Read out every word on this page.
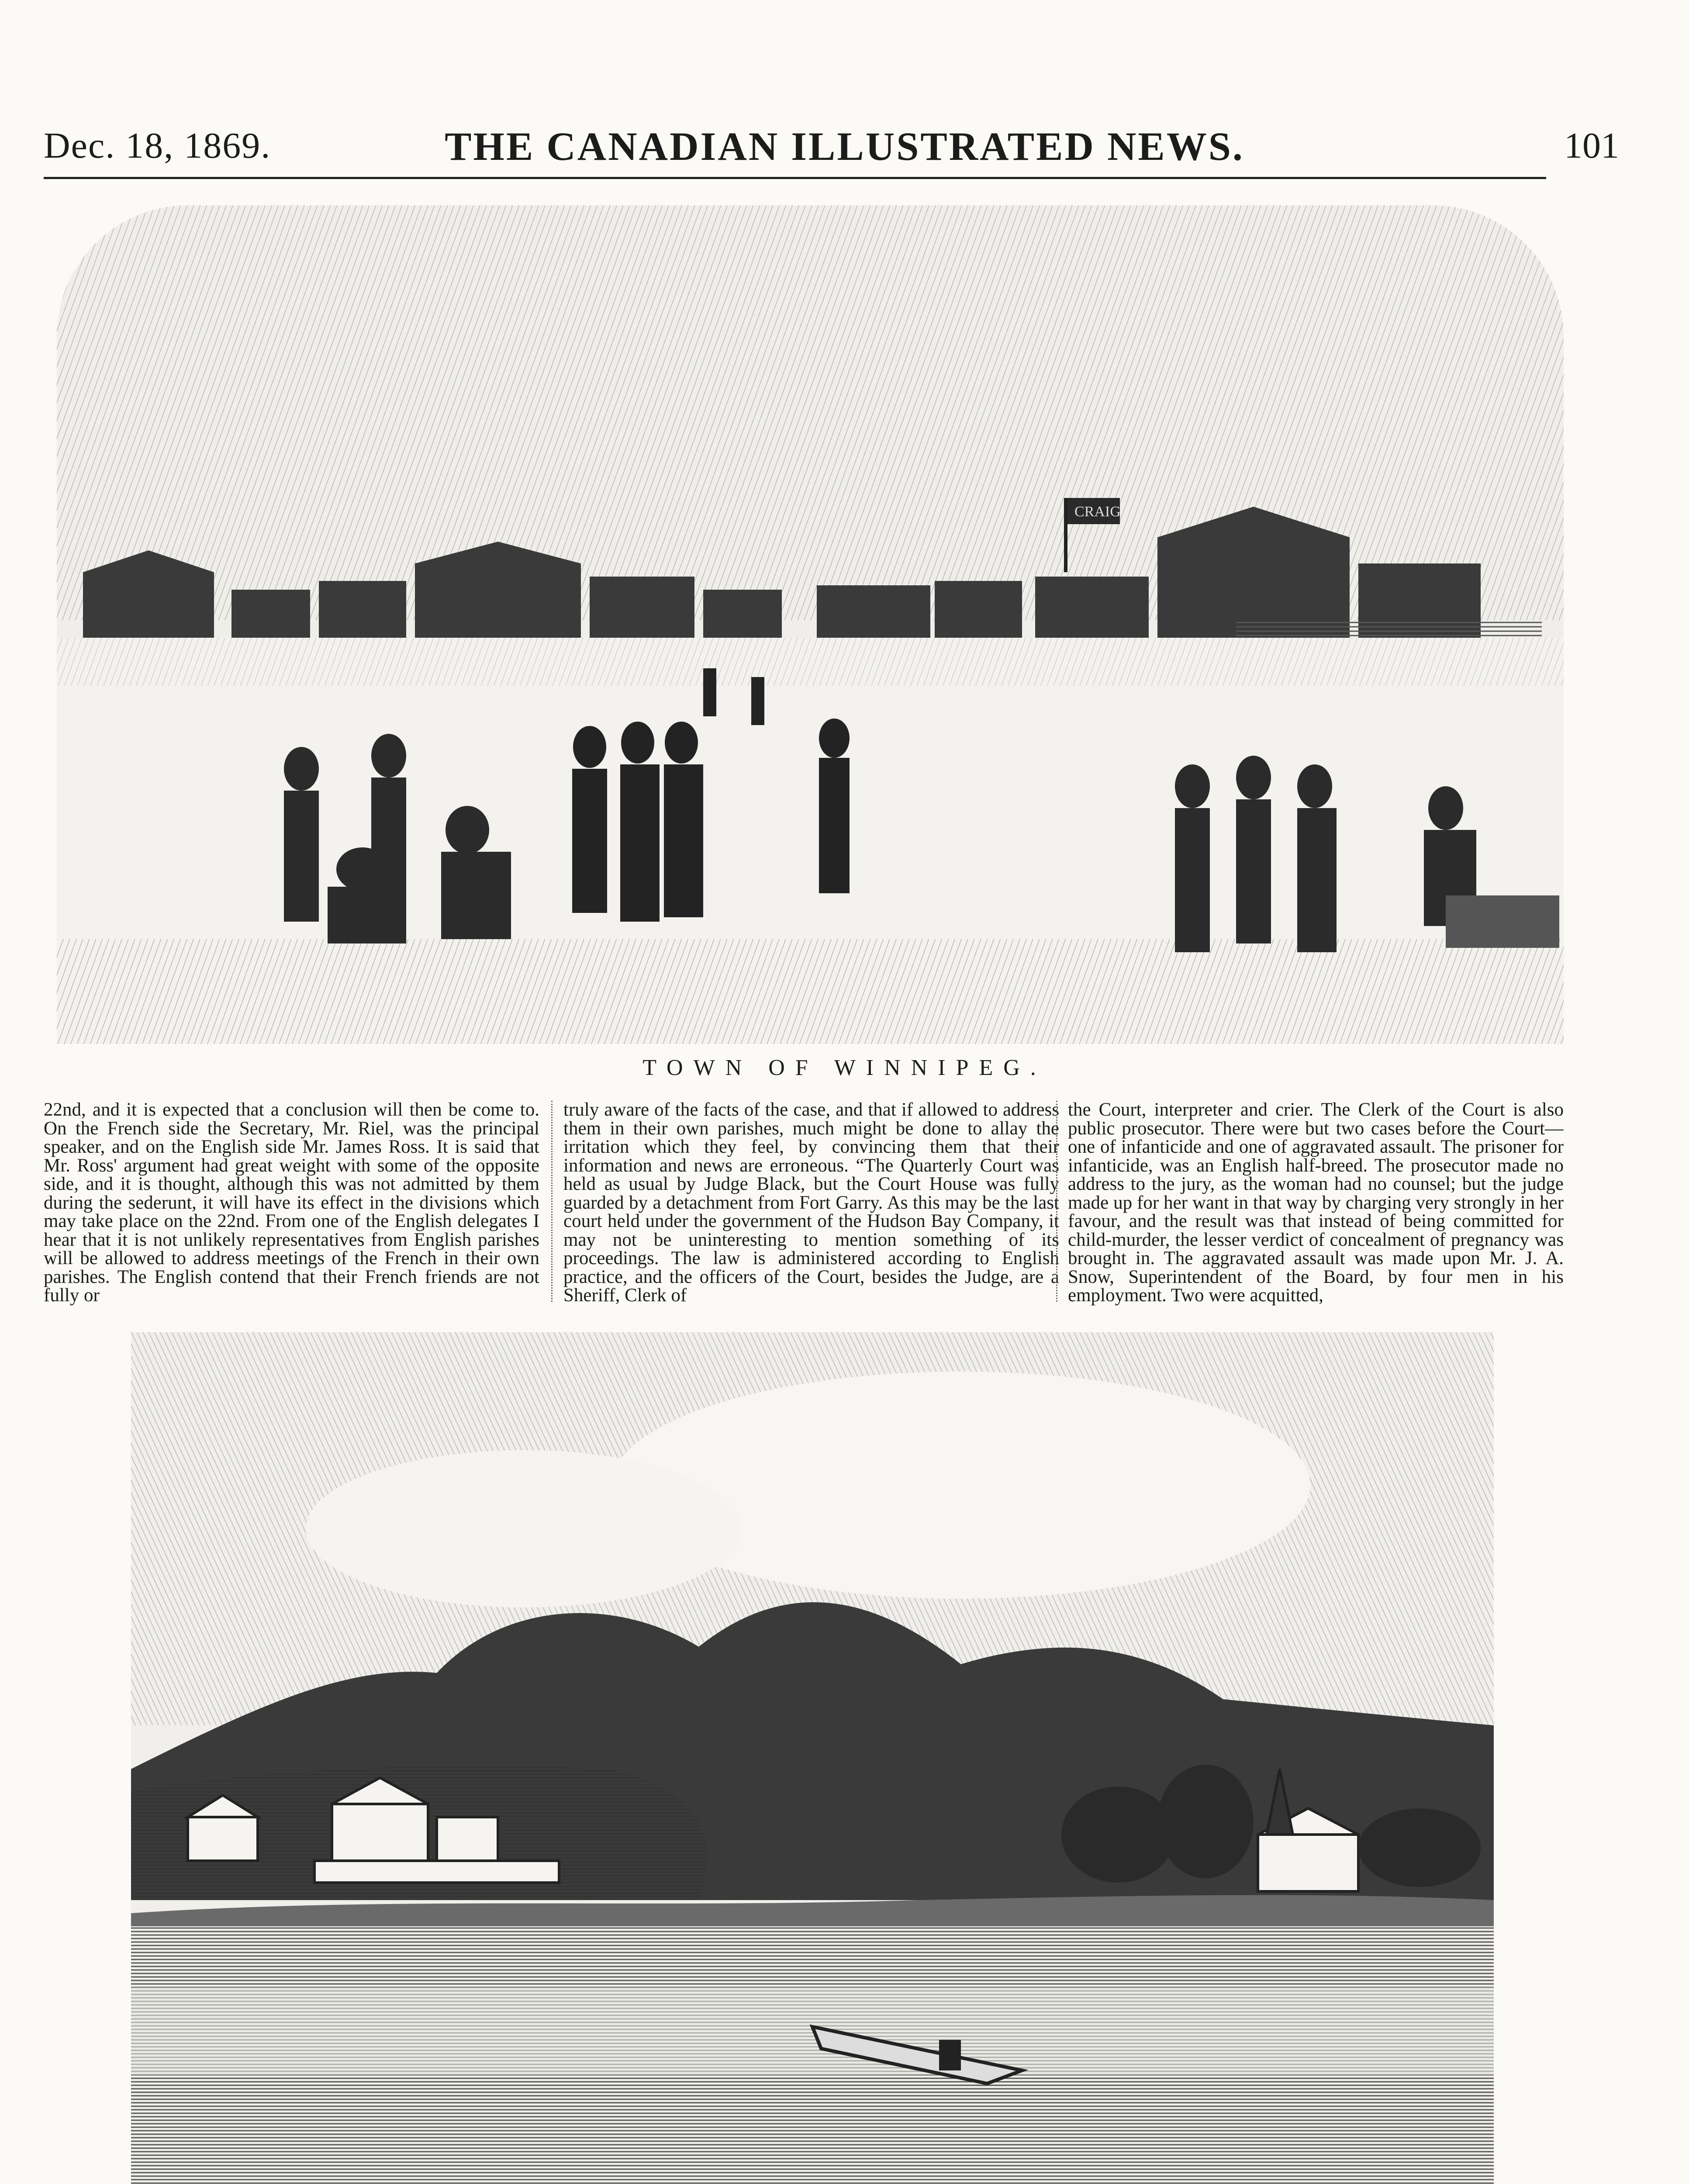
Dec. 18, 1869.	THE CANADIAN ILLUSTRATED NEWS.	101
CRAIG
TOWN OF WINNIPEG.
22nd, and it is expected that a conclusion will then be come to. On the French side the Secretary, Mr. Riel, was the principal speaker, and on the English side Mr. James Ross. It is said that Mr. Ross' argument had great weight with some of the opposite side, and it is thought, although this was not admitted by them during the sederunt, it will have its effect in the divisions which may take place on the 22nd. From one of the English delegates I hear that it is not unlikely representatives from English parishes will be allowed to address meetings of the French in their own parishes. The English contend that their French friends are not fully or
truly aware of the facts of the case, and that if allowed to address them in their own parishes, much might be done to allay the irritation which they feel, by convincing them that their information and news are erroneous. “The Quarterly Court was held as usual by Judge Black, but the Court House was fully guarded by a detachment from Fort Garry. As this may be the last court held under the government of the Hudson Bay Company, it may not be uninteresting to mention something of its proceedings. The law is administered according to English practice, and the officers of the Court, besides the Judge, are a Sheriff, Clerk of
the Court, interpreter and crier. The Clerk of the Court is also public prosecutor. There were but two cases before the Court—one of infanticide and one of aggravated assault. The prisoner for infanticide, was an English half-breed. The prosecutor made no address to the jury, as the woman had no counsel; but the judge made up for her want in that way by charging very strongly in her favour, and the result was that instead of being committed for child-murder, the lesser verdict of concealment of pregnancy was brought in. The aggravated assault was made upon Mr. J. A. Snow, Superintendent of the Board, by four men in his employment. Two were acquitted,
